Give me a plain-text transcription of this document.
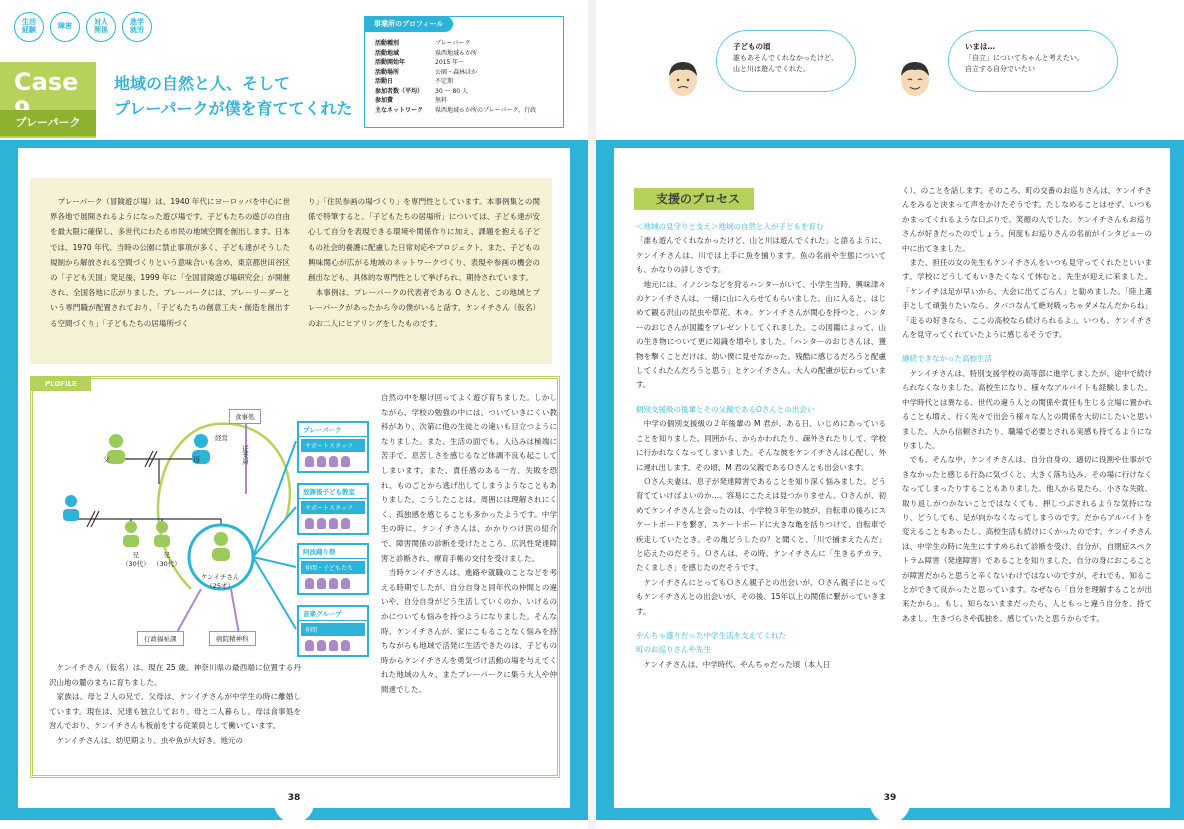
生活
経験	障害	対人
関係
進学
就労
Case
プレーパーク
地域の自然と人、そして
プレーパークが僕を育ててくれた
事業所のプロフィール
活動種別	プレーパーク
活動地域	県西地域６か所
活動開始年	2015 年～
活動場所	公園・森林ほか
活動日	不定期
参加者数（平均）	30 ～ 80 人
参加費	無料
主なネットワーク	県西地域６か所のプレーパーク、行政
　プレーパーク（冒険遊び場）は、1940 年代にヨーロッパを中心に世界各地で展開されるようになった遊び場です。子どもたちの遊びの自由を最大限に確保し、多世代にわたる市民の地域空間を創出します。日本では、1970 年代、当時の公園に禁止事項が多く、子ども達がそうした規制から解放される空間づくりという意味合いも含め、東京都世田谷区の「子ども天国」発足後、1999 年に「全国冒険遊び場研究会」が開催され、全国各地に広がりました。プレーパークには、プレーリーダーという専門職が配置されており、「子どもたちの創意工夫・創造を創出する空間づくり」「子どもたちの居場所づく
り」「住民参画の場づくり」を専門性としています。本事例集との関係で特筆すると、「子どもたちの居場所」については、子ども達が安心して自分を表現できる環境や関係作りに加え、課題を抱える子どもの社会的養護に配慮した日常対応やプロジェクト、また、子どもの興味関心が広がる地域のネットワークづくり、表現や参画の機会の創出なども、具体的な専門性として挙げられ、期待されています。
　本事例は、プレーパークの代表者である O さんと、この地域とプレーパークがあったから今の僕がいると話す、ケンイチさん（仮名）のお二人にヒアリングをしたものです。
PLOFILE
父	母
兄
（30代）
兄
（30代）
ケンイチさん
（25才）
経営
食事処
従業員
行政福祉課	病院精神科
プレーパーク
サポートスタッフ
放課後子ども教室
サポートスタッフ
阿波踊り祭
仲間・子どもたち
音楽グループ
仲間
自然の中を駆け回ってよく遊び育ちました。しかしながら、学校の勉強の中には、ついていきにくい教科があり、次第に他の生徒との違いも目立つようになりました。また、生活の面でも、人込みは極端に苦手で、息苦しさを感じるなど体調不良も起こしてしまいます。また、責任感のある一方、失敗を恐れ、ものごとから逃げ出してしまうようなこともありました。こうしたことは、周囲には理解されにくく、孤独感を感じることも多かったようです。中学生の時に、ケンイチさんは、かかりつけ医の紹介で、障害関係の診断を受けたところ、広汎性発達障害と診断され、療育手帳の交付を受けました。
　当時ケンイチさんは、進路や就職のことなどを考える時期でしたが、自分自身と同年代の仲間との違いや、自分自身がどう生活していくのか、いけるのかについても悩みを持つようになりました。そんな時、ケンイチさんが、家にこもることなく悩みを持ちながらも地域で活発に生活できたのは、子どもの時からケンイチさんを勇気づけ活動の場を与えてくれた地域の人々、またプレーパークに集う大人や仲間達でした。
　ケンイチさん（仮名）は、現在 25 歳。神奈川県の最西端に位置する丹沢山地の麓のまちに育ちました。
　家族は、母と２人の兄で、父母は、ケンイチさんが中学生の時に離婚しています。現在は、兄達も独立しており、母と二人暮らし。母は食事処を営んでおり、ケンイチさんも板前をする従業員として働いています。
　ケンイチさんは、幼児期より、虫や魚が大好き。地元の
38
子どもの頃
誰もあそんでくれなかったけど、
山と川は遊んでくれた。
いまは…
「自立」についてちゃんと考えたい。
自立する自分でいたい
支援のプロセス
＜地域の見守りと支え＞地域の自然と人が子どもを育む
「誰も遊んでくれなかったけど、山と川は遊んでくれた」と語るように、ケンイチさんは、川では上手に魚を捕ります。魚の名前や生態についても、かなりの詳しさです。
　地元には、イノシシなどを狩るハンターがいて、小学生当時、興味津々のケンイチさんは、一緒に山に入らせてもらいました。山に入ると、はじめて観る沢山の昆虫や草花、木々。ケンイチさんが関心を持つと、ハンターのおじさんが図鑑をプレゼントしてくれました。この図鑑によって、山の生き物について更に知識を増やしました。「ハンターのおじさんは、獲物を撃くことだけは、幼い僕に見せなかった。残酷に感じるだろうと配慮してくれたんだろうと思う」とケンイチさん。大人の配慮が伝わっています。
個別支援級の後輩とその父親であるOさんとの出会い
　中学の個別支援級の２年後輩の M 君が、ある日、いじめにあっていることを知りました。同囲から、からかわれたり、疎外されたりして、学校に行かれなくなってしまいました。そんな彼をケンイチさんは心配し、外に連れ出します。その頃、M 君の父親であるＯさんとも出会います。
　Ｏさん夫妻は、息子が発達障害であることを知り深く悩みました。どう育てていけばよいのか…。容易にこたえは見つかりません。Ｏさんが、初めてケンイチさんと会ったのは、小学校３年生の彼が、自転車の後ろにスケートボードを繋ぎ、スケートボードに大きな亀を括りつけて、自転車で疾走していたとき。その亀どうしたの？と聞くと、「川で捕まえたんだ」と応えたのだそう。Ｏさんは、その時、ケンイチさんに「生きるチカラ、たくましさ」を感じたのだそうです。
　ケンイチさんにとってもＯさん親子との出会いが、Ｏさん親子にとってもケンイチさんとの出会いが、その後、15年以上の関係に繋がっていきます。
やんちゃ盛りだった中学生活を支えてくれた
町のお巡りさんや先生
　ケンイチさんは、中学時代、やんちゃだった頃（本人日
く）、のことを話します。そのころ、町の交番のお巡りさんは、ケンイチさんをみると決まって声をかけたそうです。たしなめることはせず、いつもかまってくれるような口ぶりで、笑顔の人でした。ケンイチさんもお巡りさんが好きだったのでしょう。何度もお巡りさんの名前がインタビューの中に出てきました。
　また、担任の女の先生もケンイチさんをいつも見守ってくれたといいます。学校にどうしてもいきたくなくて休むと、先生が迎えに来ました。「ケンイチは足が早いから、大会に出てごらん」と勧めました。「陸上選手として頑張りたいなら、タバコなんて絶対吸っちゃダメなんだからね」「走るの好きなら、ここの高校なら続けられるよ」。いつも、ケンイチさんを見守ってくれていたように感じるそうです。
継続できなかった高校生活
　ケンイチさんは、特別支援学校の高等部に進学しましたが、途中で続けられなくなりました。高校生になり、様々なアルバイトも経験しました。中学時代とは異なる、世代の違う人との関係や責任も生じる立場に置かれることも増え、行く先々で出会う様々な人との関係を大切にしたいと思いました。人から信頼されたり、職場で必要とされる実感も持てるようになりました。
　でも、そんな中、ケンイチさんは、自分自身の、適切に役割や仕事ができなかったと感じる行為に気づくと、大きく落ち込み、その場に行けなくなってしまったりすることもありました。他人から見たら、小さな失敗、取り返しがつかないことではなくても、押しつぶされるような気持になり、どうしても、足が向かなくなってしまうのです。だからアルバイトを変えることもあったし、高校生活も続けにくかったのです。ケンイチさんは、中学生の時に先生にすすめられて診断を受け、自分が、自閉症スペクトラム障害（発達障害）であることを知りました。自分の身におこることが障害だからと思うと辛くないわけではないのですが、それでも、知ることができて良かったと思っています。なぜなら「自分を理解することが出来たから」。もし、知らないままだったら、人ともっと違う自分を、持てあまし、生きづらさや孤独を、感じていたと思うからです。
39
